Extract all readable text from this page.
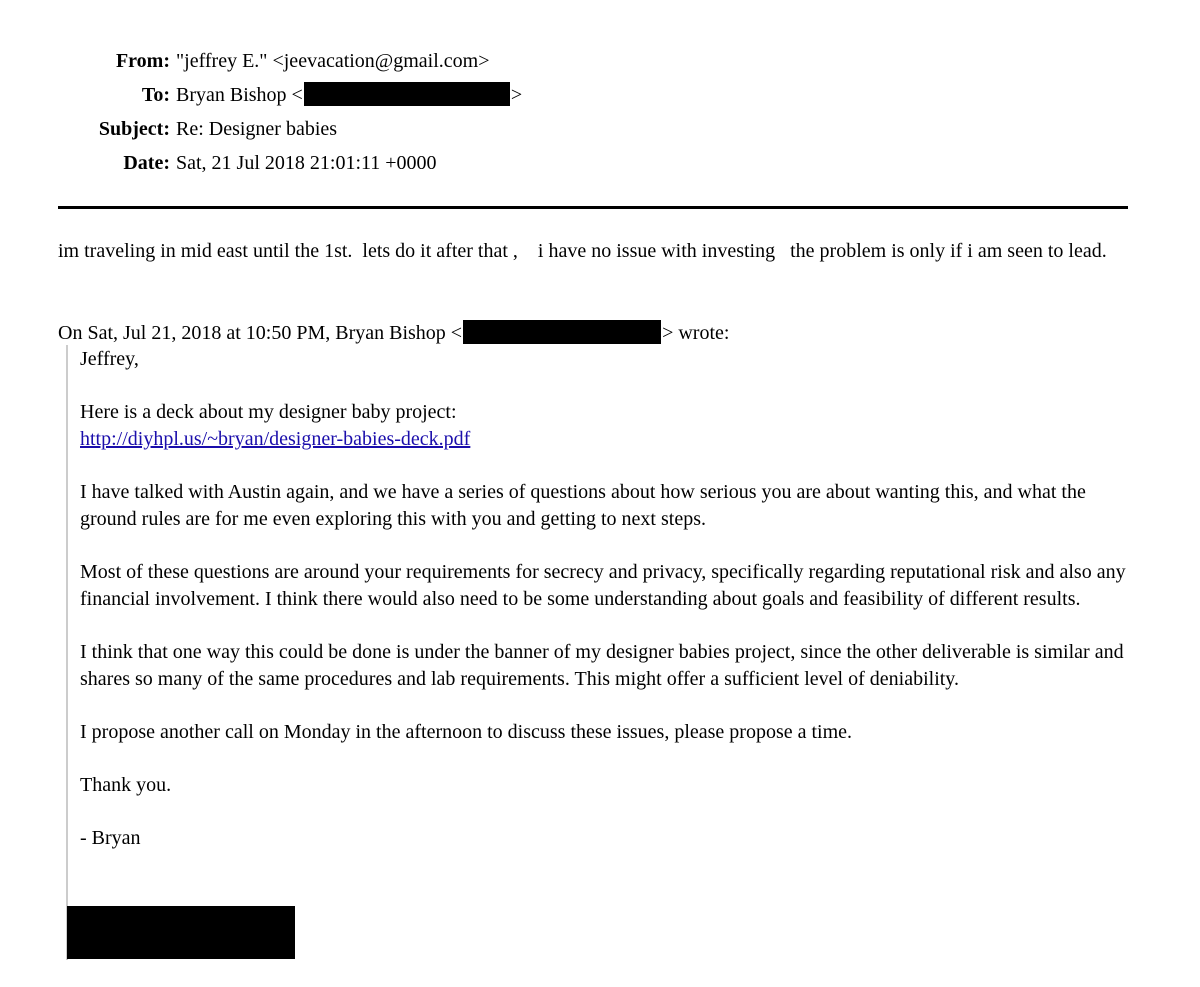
From: "jeffrey E." <jeevacation@gmail.com>
To: Bryan Bishop <	>
Subject: Re: Designer babies
Date: Sat, 21 Jul 2018 21:01:11 +0000
im traveling in mid east until the 1st.  lets do it after that ,    i have no issue with investing   the problem is only if i am seen to lead.
On Sat, Jul 21, 2018 at 10:50 PM, Bryan Bishop <	> wrote:

Jeffrey,

Here is a deck about my designer baby project:
http://diyhpl.us/~bryan/designer-babies-deck.pdf

I have talked with Austin again, and we have a series of questions about how serious you are about wanting this, and what the ground rules are for me even exploring this with you and getting to next steps.

Most of these questions are around your requirements for secrecy and privacy, specifically regarding reputational risk and also any financial involvement. I think there would also need to be some understanding about goals and feasibility of different results.

I think that one way this could be done is under the banner of my designer babies project, since the other deliverable is similar and shares so many of the same procedures and lab requirements. This might offer a sufficient level of deniability.

I propose another call on Monday in the afternoon to discuss these issues, please propose a time.

Thank you.

- Bryan
